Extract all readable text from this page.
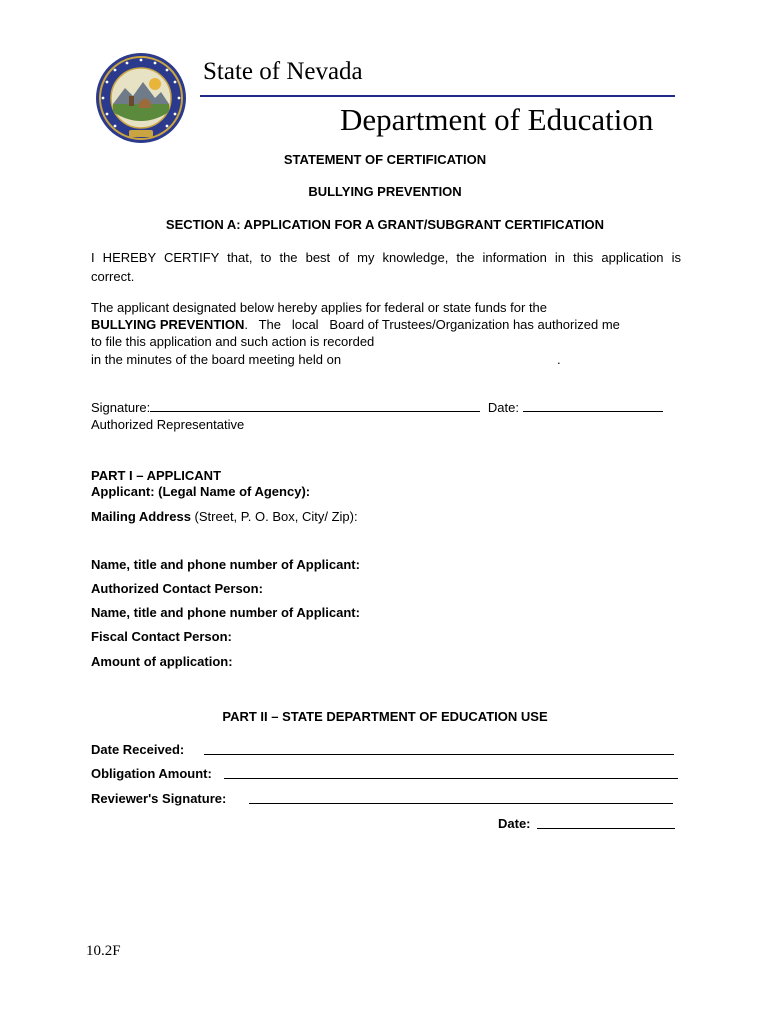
State of Nevada
Department of Education
STATEMENT OF CERTIFICATION
BULLYING PREVENTION
SECTION A: APPLICATION FOR A GRANT/SUBGRANT CERTIFICATION
I HEREBY CERTIFY that, to the best of my knowledge, the information in this application is
correct.
The applicant designated below hereby applies for federal or state funds for the
BULLYING PREVENTION.   The   local   Board of Trustees/Organization has authorized me
to file this application and such action is recorded
in the minutes of the board meeting held on	.
Signature:	Date:
Authorized Representative
PART I – APPLICANT
Applicant: (Legal Name of Agency):
Mailing Address (Street, P. O. Box, City/ Zip):
Name, title and phone number of Applicant:
Authorized Contact Person:
Name, title and phone number of Applicant:
Fiscal Contact Person:
Amount of application:
PART II – STATE DEPARTMENT OF EDUCATION USE
Date Received:
Obligation Amount:
Reviewer's Signature:
Date:
10.2F
